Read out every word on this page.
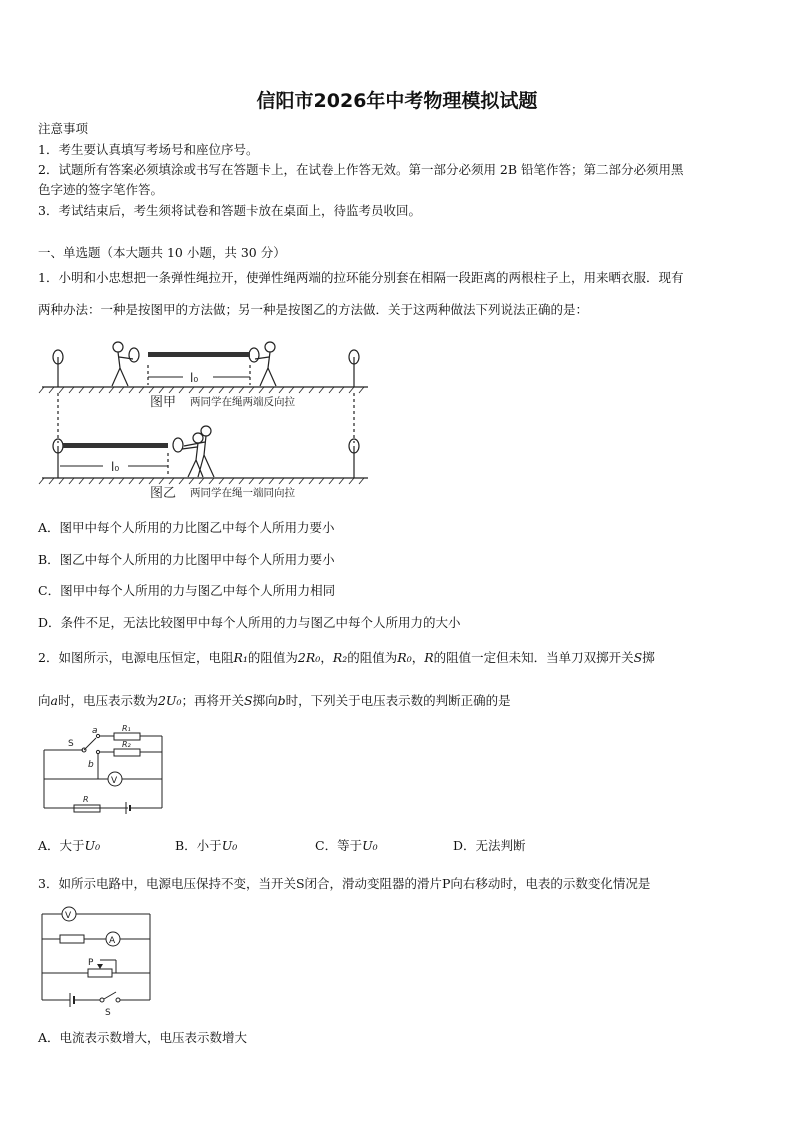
信阳市2026年中考物理模拟试题
注意事项
1．考生要认真填写考场号和座位序号。
2．试题所有答案必须填涂或书写在答题卡上，在试卷上作答无效。第一部分必须用 2B 铅笔作答；第二部分必须用黑
色字迹的签字笔作答。
3．考试结束后，考生须将试卷和答题卡放在桌面上，待监考员收回。
一、单选题（本大题共 10 小题，共 30 分）
1．小明和小忠想把一条弹性绳拉开，使弹性绳两端的拉环能分别套在相隔一段距离的两根柱子上，用来晒衣服．现有
两种办法：一种是按图甲的方法做；另一种是按图乙的方法做．关于这两种做法下列说法正确的是：
l₀
图甲 两同学在绳两端反向拉
l₀
图乙 两同学在绳一端同向拉
A．图甲中每个人所用的力比图乙中每个人所用力要小
B．图乙中每个人所用的力比图甲中每个人所用力要小
C．图甲中每个人所用的力与图乙中每个人所用力相同
D．条件不足，无法比较图甲中每个人所用的力与图乙中每个人所用力的大小
2．如图所示，电源电压恒定，电阻R₁的阻值为2R₀，R₂的阻值为R₀，R的阻值一定但未知．当单刀双掷开关S掷
向a时，电压表示数为2U₀；再将开关S掷向b时，下列关于电压表示数的判断正确的是
S
a
b
R₁
R₂
V
R
A．大于U₀	B．小于U₀	C．等于U₀	D．无法判断
3．如所示电路中，电源电压保持不变，当开关S闭合，滑动变阻器的滑片P向右移动时，电表的示数变化情况是
V
A
P
S
A．电流表示数增大，电压表示数增大
